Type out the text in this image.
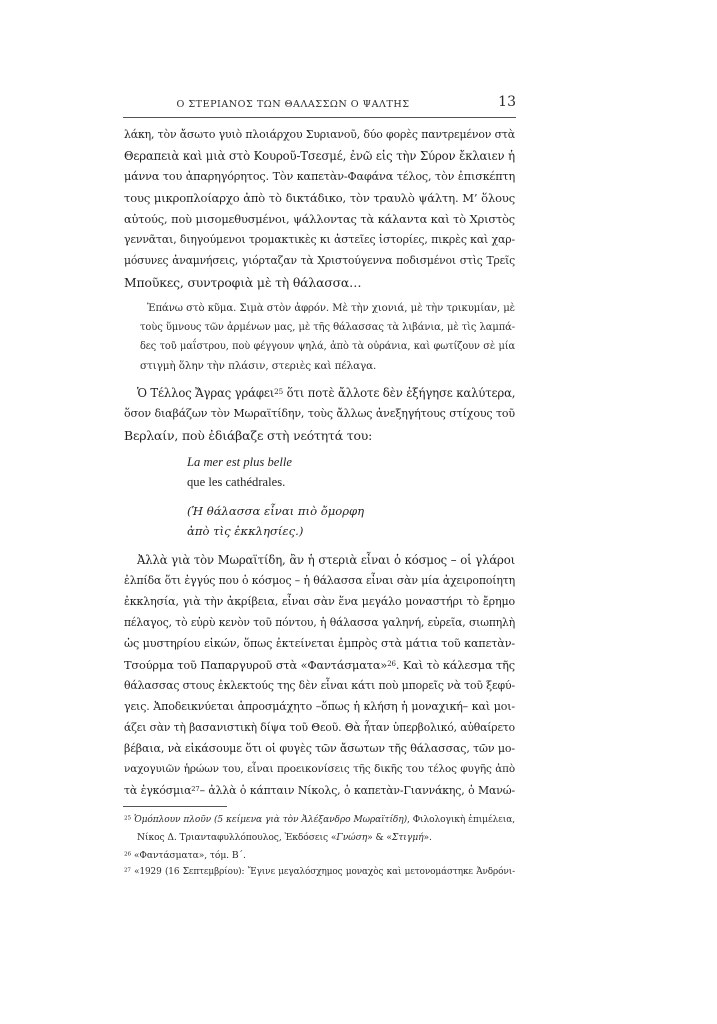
Ο ΣΤΕΡΙΑΝΟΣ ΤΩΝ ΘΑΛΑΣΣΩΝ Ο ΨΑΛΤΗΣ	13
λάκη, τὸν ἄσωτο γυιὸ πλοιάρχου Συριανοῦ, δύο φορὲς παντρεμένον στὰ
Θεραπειὰ καὶ μιὰ στὸ Κουροῦ-Τσεσμέ, ἐνῶ εἰς τὴν Σύρον ἔκλαιεν ἡ
μάννα του ἀπαρηγόρητος. Τὸν καπετὰν-Φαφάνα τέλος, τὸν ἐπισκέπτη
τους μικροπλοίαρχο ἀπὸ τὸ δικτάδικο, τὸν τραυλὸ ψάλτη. Μ’ ὅλους
αὐτούς, ποὺ μισομεθυσμένοι, ψάλλοντας τὰ κάλαντα καὶ τὸ Χριστὸς
γεννᾶται, διηγούμενοι τρομακτικὲς κι ἀστεῖες ἱστορίες, πικρὲς καὶ χαρ-
μόσυνες ἀναμνήσεις, γιόρταζαν τὰ Χριστούγεννα ποδισμένοι στὶς Τρεῖς
Μποῦκες, συντροφιὰ μὲ τὴ θάλασσα…
Ἐπάνω στὸ κῦμα. Σιμὰ στὸν ἀφρόν. Μὲ τὴν χιονιά, μὲ τὴν τρικυμίαν, μὲ
τοὺς ὕμνους τῶν ἀρμένων μας, μὲ τῆς θάλασσας τὰ λιβάνια, μὲ τὶς λαμπά-
δες τοῦ μαΐστρου, ποὺ φέγγουν ψηλά, ἀπὸ τὰ οὐράνια, καὶ φωτίζουν σὲ μία
στιγμὴ ὅλην τὴν πλάσιν, στεριὲς καὶ πέλαγα.
Ὁ Τέλλος Ἄγρας γράφει$^{25}$ ὅτι ποτὲ ἄλλοτε δὲν ἐξήγησε καλύτερα,
ὅσον διαβάζων τὸν Μωραϊτίδην, τοὺς ἄλλως ἀνεξηγήτους στίχους τοῦ
Βερλαίν, ποὺ ἐδιάβαζε στὴ νεότητά του:
La mer est plus belle
que les cathédrales.
(Ἡ θάλασσα εἶναι πιὸ ὄμορφη
ἀπὸ τὶς ἐκκλησίες.)
Ἀλλὰ γιὰ τὸν Μωραϊτίδη, ἂν ἡ στεριὰ εἶναι ὁ κόσμος – οἱ γλάροι
ἐλπίδα ὅτι ἐγγύς που ὁ κόσμος – ἡ θάλασσα εἶναι σὰν μία ἀχειροποίητη
ἐκκλησία, γιὰ τὴν ἀκρίβεια, εἶναι σὰν ἕνα μεγάλο μοναστήρι τὸ ἔρημο
πέλαγος, τὸ εὐρὺ κενὸν τοῦ πόντου, ἡ θάλασσα γαληνή, εὐρεῖα, σιωπηλὴ
ὡς μυστηρίου εἰκών, ὅπως ἐκτείνεται ἐμπρὸς στὰ μάτια τοῦ καπετὰν-
Τσούρμα τοῦ Παπαργυροῦ στὰ «Φαντάσματα»$^{26}$. Καὶ τὸ κάλεσμα τῆς
θάλασσας στους ἐκλεκτούς της δὲν εἶναι κάτι ποὺ μπορεῖς νὰ τοῦ ξεφύ-
γεις. Ἀποδεικνύεται ἀπροσμάχητο –ὅπως ἡ κλήση ἡ μοναχική– καὶ μοι-
άζει σὰν τὴ βασανιστικὴ δίψα τοῦ Θεοῦ. Θὰ ἦταν ὑπερβολικό, αὐθαίρετο
βέβαια, νὰ εἰκάσουμε ὅτι οἱ φυγὲς τῶν ἄσωτων τῆς θάλασσας, τῶν μο-
ναχογυιῶν ἡρώων του, εἶναι προεικονίσεις τῆς δικῆς του τέλος φυγῆς ἀπὸ
τὰ ἐγκόσμια$^{27}$– ἀλλὰ ὁ κάπταιν Νίκολς, ὁ καπετὰν-Γιαννάκης, ὁ Μανώ-
$^{25}$ Ὁμόπλουν πλοῦν (5 κείμενα γιὰ τὸν Ἀλέξανδρο Μωραϊτίδη), Φιλολογικὴ ἐπιμέλεια,
Νίκος Δ. Τριανταφυλλόπουλος, Ἐκδόσεις «Γνώση» & «Στιγμή».
$^{26}$ «Φαντάσματα», τόμ. Β΄.
$^{27}$ «1929 (16 Σεπτεμβρίου): Ἔγινε μεγαλόσχημος μοναχὸς καὶ μετονομάστηκε Ἀνδρόνι-
